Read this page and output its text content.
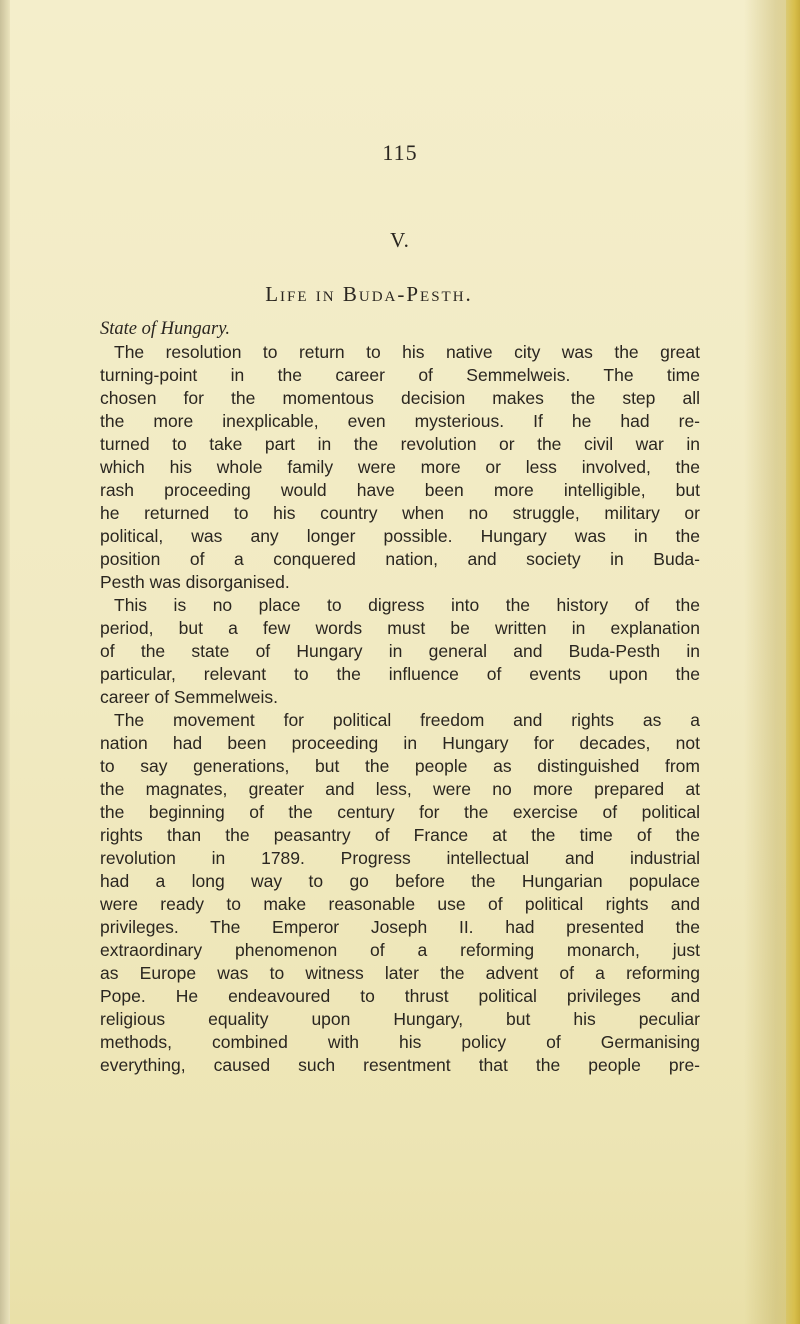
115
V.
Life in Buda-Pesth.
State of Hungary.
The resolution to return to his native city was the great
turning-point in the career of Semmelweis. The time
chosen for the momentous decision makes the step all
the more inexplicable, even mysterious. If he had re-
turned to take part in the revolution or the civil war in
which his whole family were more or less involved, the
rash proceeding would have been more intelligible, but
he returned to his country when no struggle, military or
political, was any longer possible. Hungary was in the
position of a conquered nation, and society in Buda-
Pesth was disorganised.
This is no place to digress into the history of the
period, but a few words must be written in explanation
of the state of Hungary in general and Buda-Pesth in
particular, relevant to the influence of events upon the
career of Semmelweis.
The movement for political freedom and rights as a
nation had been proceeding in Hungary for decades, not
to say generations, but the people as distinguished from
the magnates, greater and less, were no more prepared at
the beginning of the century for the exercise of political
rights than the peasantry of France at the time of the
revolution in 1789. Progress intellectual and industrial
had a long way to go before the Hungarian populace
were ready to make reasonable use of political rights and
privileges. The Emperor Joseph II. had presented the
extraordinary phenomenon of a reforming monarch, just
as Europe was to witness later the advent of a reforming
Pope. He endeavoured to thrust political privileges and
religious equality upon Hungary, but his peculiar
methods, combined with his policy of Germanising
everything, caused such resentment that the people pre-
